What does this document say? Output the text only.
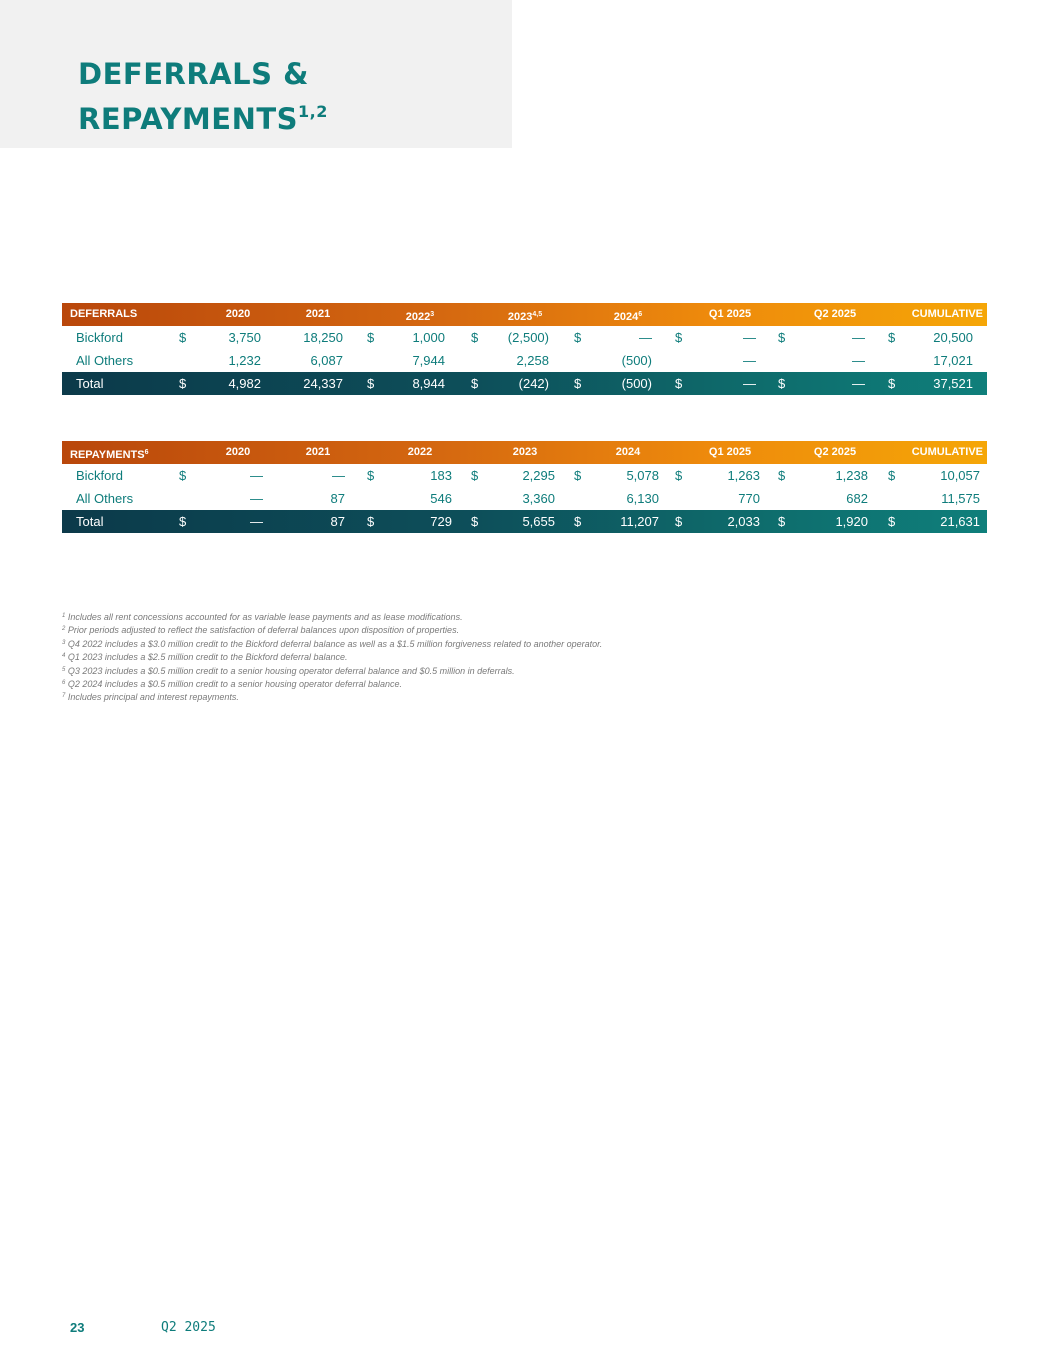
DEFERRALS &
REPAYMENTS$^{1,2}$
DEFERRALS	2020	2021	2022$^3$	2023$^{4,5}$	2024$^6$	Q1 2025	Q2 2025	CUMULATIVE
Bickford	$	3,750	18,250 $	1,000 $ (2,500) $	— $	— $	— $	20,500
All Others	1,232	6,087	7,944	2,258	(500)	—	—	17,021
Total	$	4,982	24,337 $	8,944 $	(242) $	(500) $	— $	— $	37,521
REPAYMENTS$^6$	2020	2021	2022	2023	2024	Q1 2025	Q2 2025	CUMULATIVE
Bickford	$	—	— $	183 $	2,295 $	5,078 $	1,263 $	1,238 $	10,057
All Others	—	87	546	3,360	6,130	770	682	11,575
Total	$	—	87 $	729 $	5,655 $	11,207 $	2,033 $	1,920 $	21,631
$^1$ Includes all rent concessions accounted for as variable lease payments and as lease modifications.
$^2$ Prior periods adjusted to reflect the satisfaction of deferral balances upon disposition of properties.
$^3$ Q4 2022 includes a $3.0 million credit to the Bickford deferral balance as well as a $1.5 million forgiveness related to another operator.
$^4$ Q1 2023 includes a $2.5 million credit to the Bickford deferral balance.
$^5$ Q3 2023 includes a $0.5 million credit to a senior housing operator deferral balance and $0.5 million in deferrals.
$^6$ Q2 2024 includes a $0.5 million credit to a senior housing operator deferral balance.
$^7$ Includes principal and interest repayments.
23	Q2 2025
